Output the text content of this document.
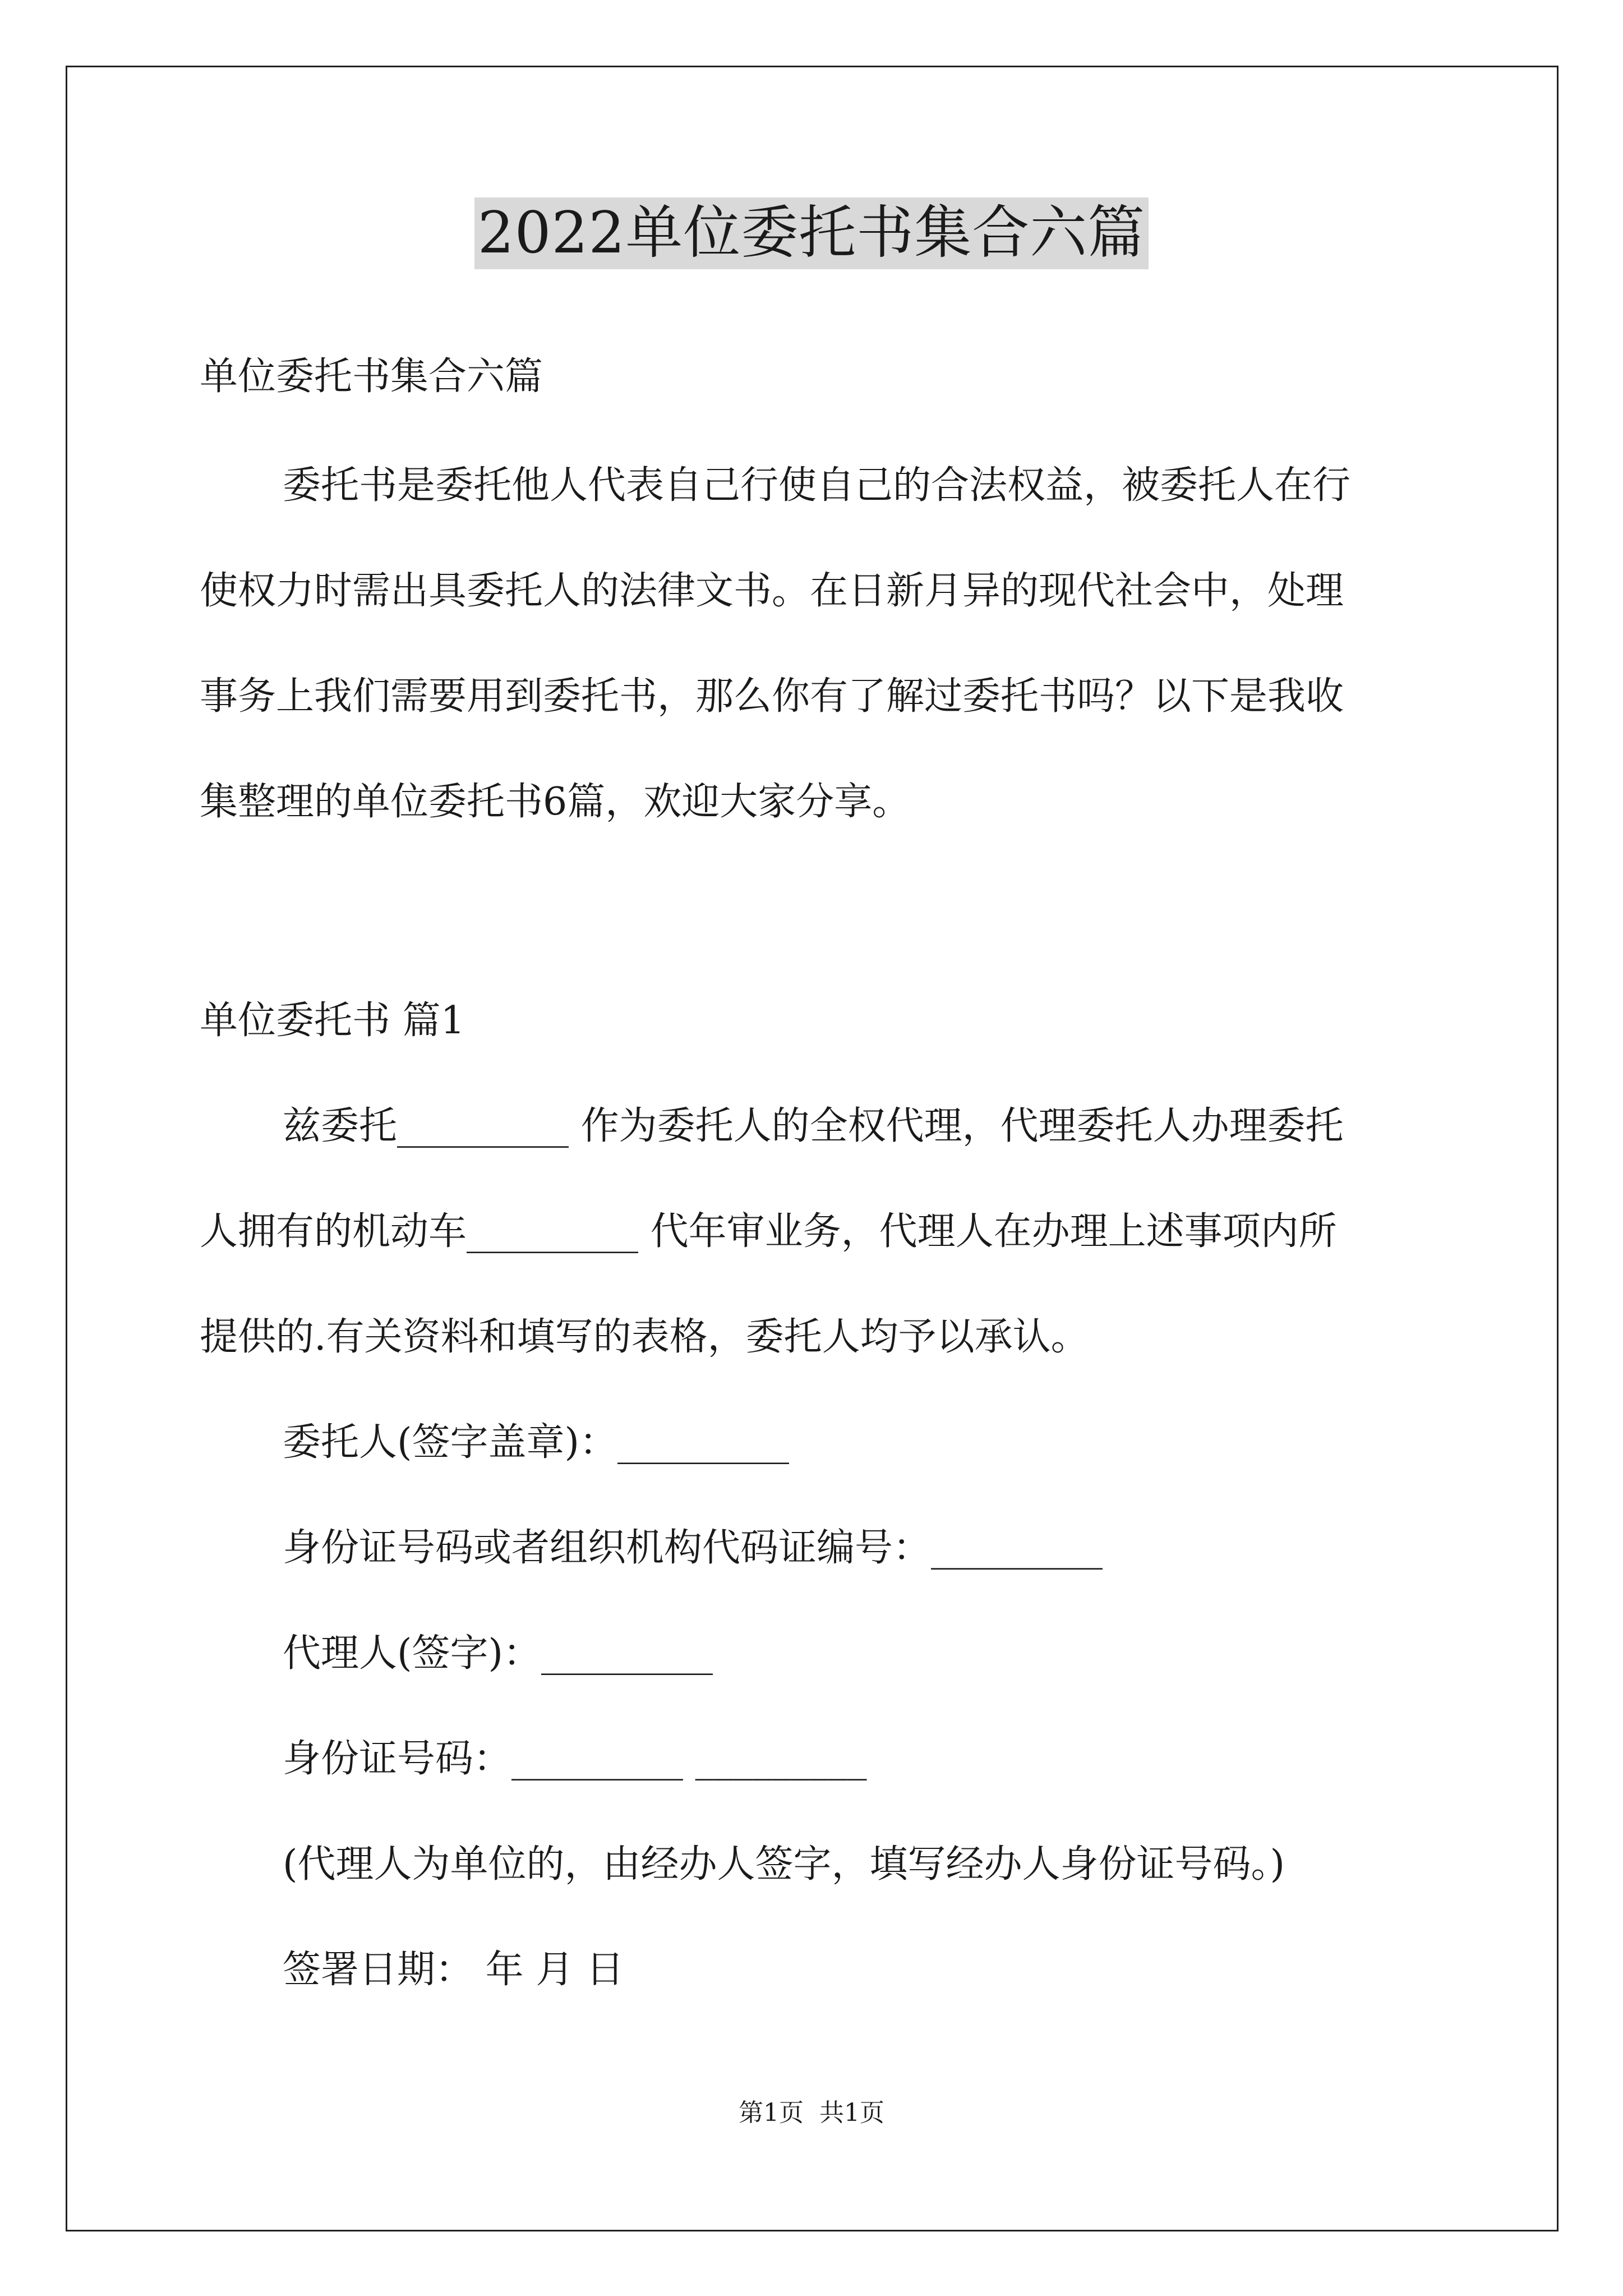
2022单位委托书集合六篇
单位委托书集合六篇
委托书是委托他人代表自己行使自己的合法权益，被委托人在行
使权力时需出具委托人的法律文书。在日新月异的现代社会中，处理
事务上我们需要用到委托书，那么你有了解过委托书吗？以下是我收
集整理的单位委托书6篇，欢迎大家分享。
单位委托书 篇1
兹委托_________ 作为委托人的全权代理，代理委托人办理委托
人拥有的机动车_________ 代年审业务，代理人在办理上述事项内所
提供的.有关资料和填写的表格，委托人均予以承认。
委托人(签字盖章)：_________
身份证号码或者组织机构代码证编号：_________
代理人(签字)：_________
身份证号码：_________ _________
(代理人为单位的，由经办人签字，填写经办人身份证号码。)
签署日期： 年 月 日
第1页 共1页
